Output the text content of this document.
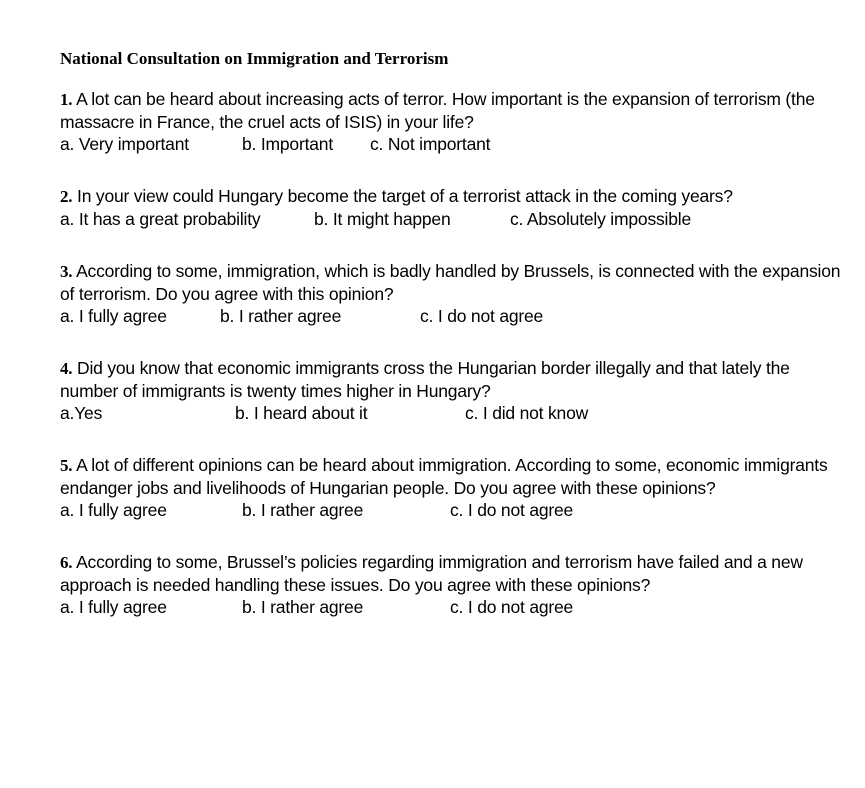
National Consultation on Immigration and Terrorism
1. A lot can be heard about increasing acts of terror. How important is the expansion of terrorism (the massacre in France, the cruel acts of ISIS) in your life?
a. Very important	b. Important c. Not important
2. In your view could Hungary become the target of a terrorist attack in the coming years?
a. It has a great probability	b. It might happen	c. Absolutely impossible
3. According to some, immigration, which is badly handled by Brussels, is connected with the expansion of terrorism. Do you agree with this opinion?
a. I fully agree	b. I rather agree	c. I do not agree
4. Did you know that economic immigrants cross the Hungarian border illegally and that lately the number of immigrants is twenty times higher in Hungary?
a.Yes	b. I heard about it	c. I did not know
5. A lot of different opinions can be heard about immigration. According to some, economic immigrants endanger jobs and livelihoods of Hungarian people. Do you agree with these opinions?
a. I fully agree	b. I rather agree	c. I do not agree
6. According to some, Brussel’s policies regarding immigration and terrorism have failed and a new approach is needed handling these issues. Do you agree with these opinions?
a. I fully agree	b. I rather agree	c. I do not agree
